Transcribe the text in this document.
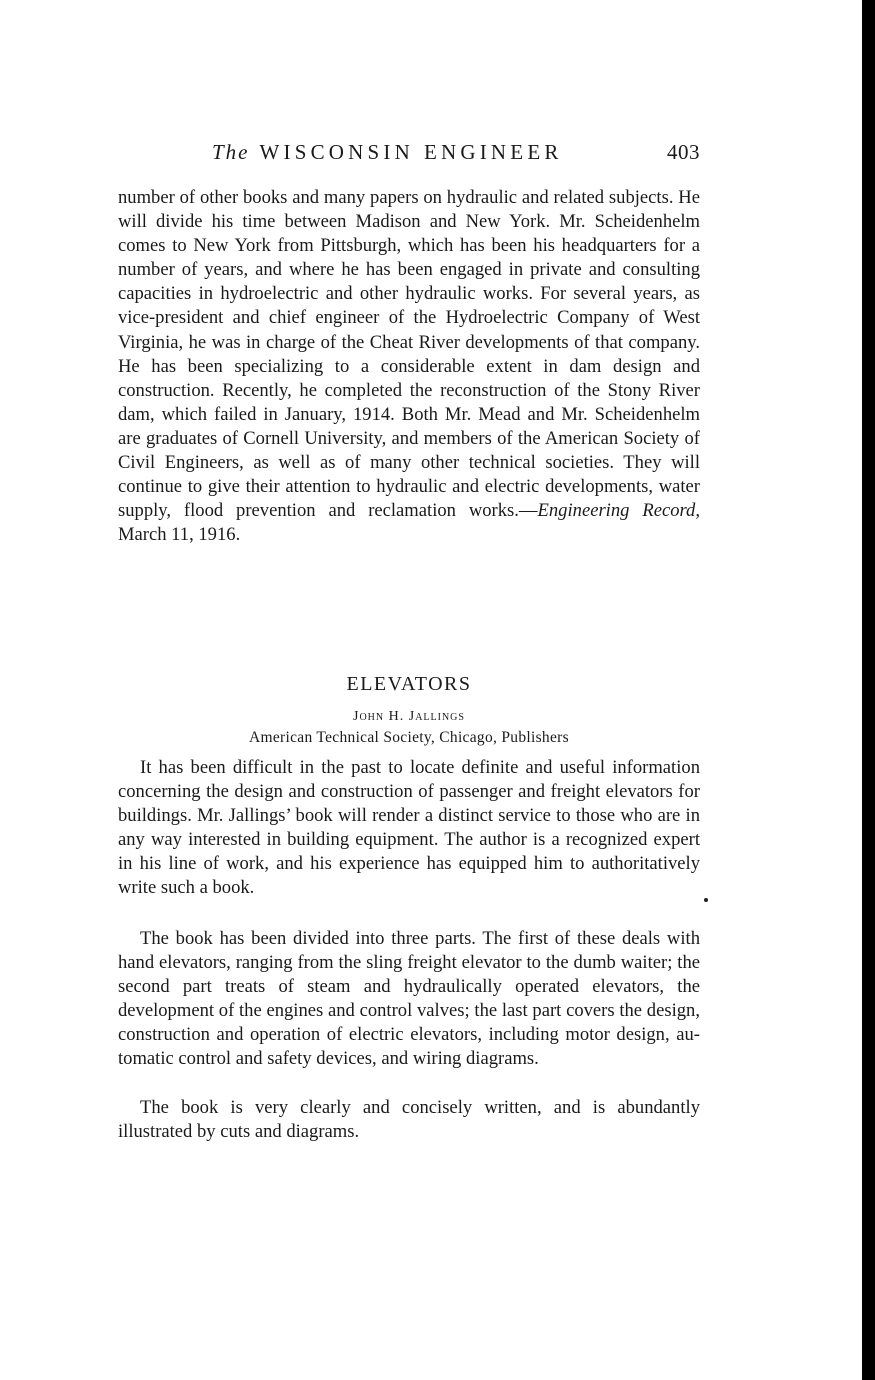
The WISCONSIN ENGINEER	403

number of other books and many papers on hydraulic and related subjects. He will divide his time between Madison and New York. Mr. Scheidenhelm comes to New York from Pittsburgh, which has been his headquarters for a number of years, and where he has been engaged in private and consulting capacities in hydroelectric and other hydraulic works. For several years, as vice-president and chief engineer of the Hydroelectric Company of West Virginia, he was in charge of the Cheat River developments of that company. He has been specializing to a considerable extent in dam design and construction. Recently, he completed the reconstruction of the Stony River dam, which failed in January, 1914. Both Mr. Mead and Mr. Scheidenhelm are graduates of Cornell University, and members of the American Society of Civil Engineers, as well as of many other technical societies. They will continue to give their attention to hydraulic and electric developments, water supply, flood prevention and reclamation works.—Engineering Record, March 11, 1916.

ELEVATORS
John H. Jallings
American Technical Society, Chicago, Publishers

It has been difficult in the past to locate definite and useful information concerning the design and construction of passenger and freight elevators for buildings. Mr. Jallings’ book will render a distinct service to those who are in any way interested in building equipment. The author is a recognized expert in his line of work, and his experience has equipped him to authoritatively write such a book.

The book has been divided into three parts. The first of these deals with hand elevators, ranging from the sling freight elevator to the dumb waiter; the second part treats of steam and hydraulically operated elevators, the development of the engines and control valves; the last part covers the design, construction and operation of electric elevators, including motor design, automatic control and safety devices, and wiring diagrams.

The book is very clearly and concisely written, and is abundantly illustrated by cuts and diagrams.
